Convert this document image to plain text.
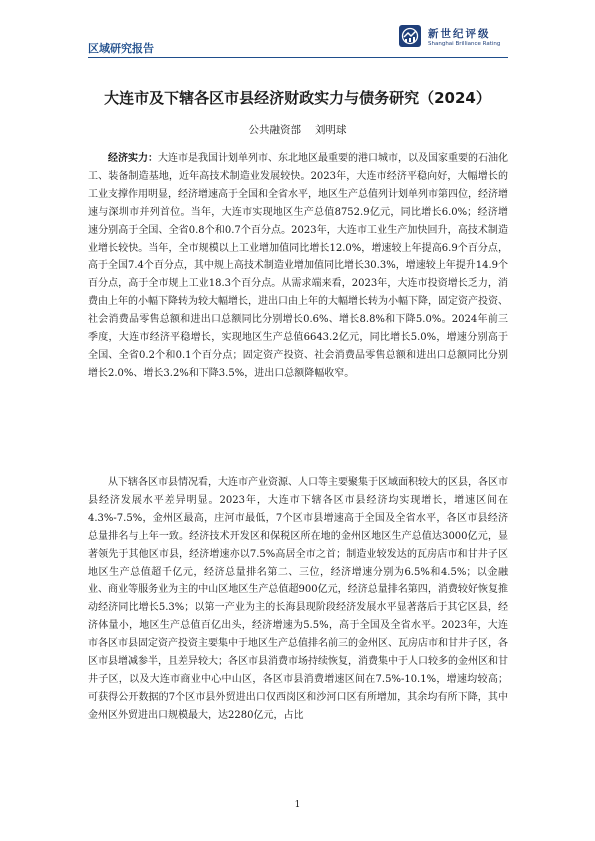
区域研究报告
新世纪评级
Shanghai Brilliance Rating
大连市及下辖各区市县经济财政实力与债务研究（2024）
公共融资部 刘明球

经济实力：大连市是我国计划单列市、东北地区最重要的港口城市，以及国家重要的石油化工、装备制造基地，近年高技术制造业发展较快。2023年，大连市经济平稳向好，大幅增长的工业支撑作用明显，经济增速高于全国和全省水平，地区生产总值列计划单列市第四位，经济增速与深圳市并列首位。当年，大连市实现地区生产总值8752.9亿元，同比增长6.0%；经济增速分别高于全国、全省0.8个和0.7个百分点。2023年，大连市工业生产加快回升，高技术制造业增长较快。当年，全市规模以上工业增加值同比增长12.0%，增速较上年提高6.9个百分点，高于全国7.4个百分点，其中规上高技术制造业增加值同比增长30.3%，增速较上年提升14.9个百分点，高于全市规上工业18.3个百分点。从需求端来看，2023年，大连市投资增长乏力，消费由上年的小幅下降转为较大幅增长，进出口由上年的大幅增长转为小幅下降，固定资产投资、社会消费品零售总额和进出口总额同比分别增长0.6%、增长8.8%和下降5.0%。2024年前三季度，大连市经济平稳增长，实现地区生产总值6643.2亿元，同比增长5.0%，增速分别高于全国、全省0.2个和0.1个百分点；固定资产投资、社会消费品零售总额和进出口总额同比分别增长2.0%、增长3.2%和下降3.5%，进出口总额降幅收窄。

从下辖各区市县情况看，大连市产业资源、人口等主要聚集于区域面积较大的区县，各区市县经济发展水平差异明显。2023年，大连市下辖各区市县经济均实现增长，增速区间在4.3%-7.5%，金州区最高，庄河市最低，7个区市县增速高于全国及全省水平，各区市县经济总量排名与上年一致。经济技术开发区和保税区所在地的金州区地区生产总值达3000亿元，显著领先于其他区市县，经济增速亦以7.5%高居全市之首；制造业较发达的瓦房店市和甘井子区地区生产总值超千亿元，经济总量排名第二、三位，经济增速分别为6.5%和4.5%；以金融业、商业等服务业为主的中山区地区生产总值超900亿元，经济总量排名第四，消费较好恢复推动经济同比增长5.3%；以第一产业为主的长海县现阶段经济发展水平显著落后于其它区县，经济体量小，地区生产总值百亿出头，经济增速为5.5%，高于全国及全省水平。2023年，大连市各区市县固定资产投资主要集中于地区生产总值排名前三的金州区、瓦房店市和甘井子区，各区市县增减参半，且差异较大；各区市县消费市场持续恢复，消费集中于人口较多的金州区和甘井子区，以及大连市商业中心中山区，各区市县消费增速区间在7.5%-10.1%，增速均较高；可获得公开数据的7个区市县外贸进出口仅西岗区和沙河口区有所增加，其余均有所下降，其中金州区外贸进出口规模最大，达2280亿元，占比

1
